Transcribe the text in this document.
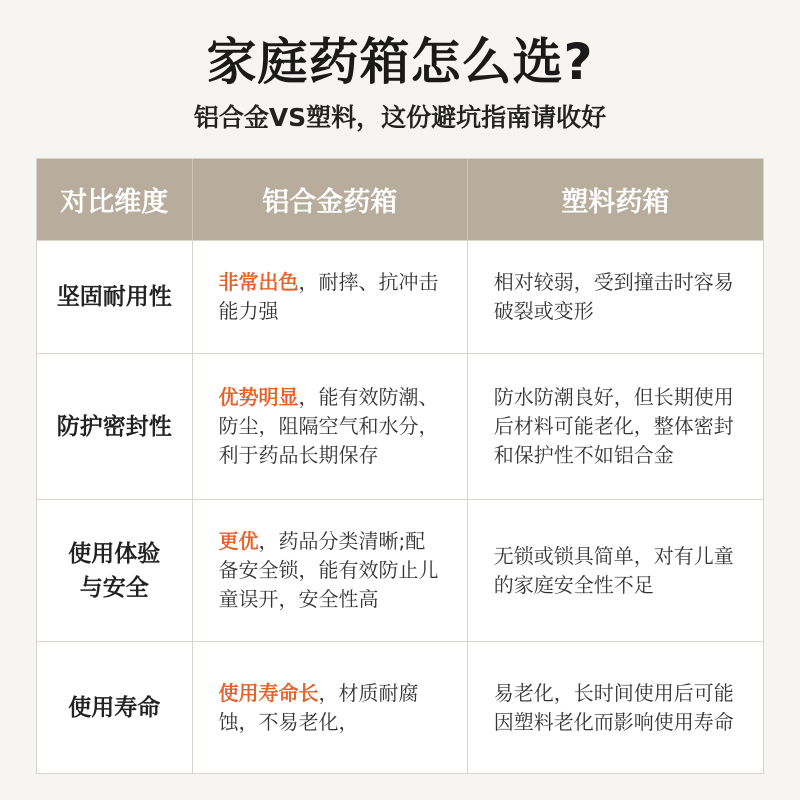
家庭药箱怎么选?
铝合金VS塑料，这份避坑指南请收好
对比维度	铝合金药箱	塑料药箱
坚固耐用性

非常出色，耐摔、抗冲击能力强

相对较弱，受到撞击时容易破裂或变形

防护密封性

优势明显，能有效防潮、防尘，阻隔空气和水分，利于药品长期保存

防水防潮良好，但长期使用后材料可能老化，整体密封和保护性不如铝合金

使用体验与安全

更优，药品分类清晰;配备安全锁，能有效防止儿童误开，安全性高

无锁或锁具简单，对有儿童的家庭安全性不足

使用寿命

使用寿命长，材质耐腐蚀，不易老化，

易老化，长时间使用后可能因塑料老化而影响使用寿命
